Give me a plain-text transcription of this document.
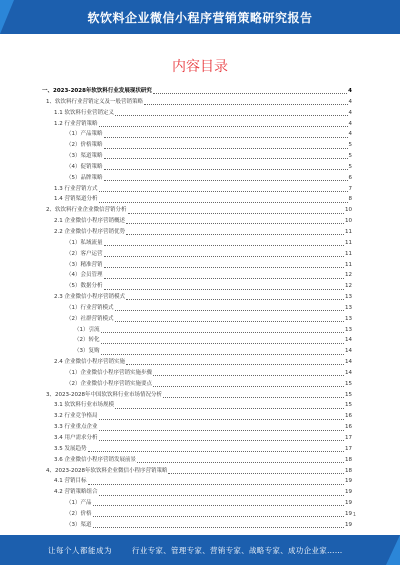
软饮料企业微信小程序营销策略研究报告
内容目录
一、2023-2028年软饮料行业发展现状研究	4
1、软饮料行业营销定义及一般营销策略	4
1.1 软饮料行业营销定义	4
1.2 行业营销策略	4
（1）产品策略	4
（2）价格策略	5
（3）渠道策略	5
（4）促销策略	5
（5）品牌策略	6
1.3 行业营销方式	7
1.4 营销渠道分析	8
2、软饮料行业企业微信营销分析	10
2.1 企业微信小程序营销概述	10
2.2 企业微信小程序营销优势	11
（1）私域流量	11
（2）客户运营	11
（3）精准营销	11
（4）会员管理	12
（5）数据分析	12
2.3 企业微信小程序营销模式	13
（1）行业营销模式	13
（2）社群营销模式	13
（1）引流	13
（2）转化	14
（3）复购	14
2.4 企业微信小程序营销实施	14
（1）企业微信小程序营销实施步骤	14
（2）企业微信小程序营销实施要点	15
3、2023-2028年中国软饮料行业市场情况分析	15
3.1 软饮料行业市场规模	15
3.2 行业竞争格局	16
3.3 行业重点企业	16
3.4 用户需求分析	17
3.5 发展趋势	17
3.6 企业微信小程序营销发展前景	18
4、2023-2028年软饮料企业微信小程序营销策略	18
4.1 营销目标	19
4.2 营销策略组合	19
（1）产品	19
（2）价格	19
（3）渠道	19
1
让每个人都能成为	行业专家、管理专家、营销专家、战略专家、成功企业家……
